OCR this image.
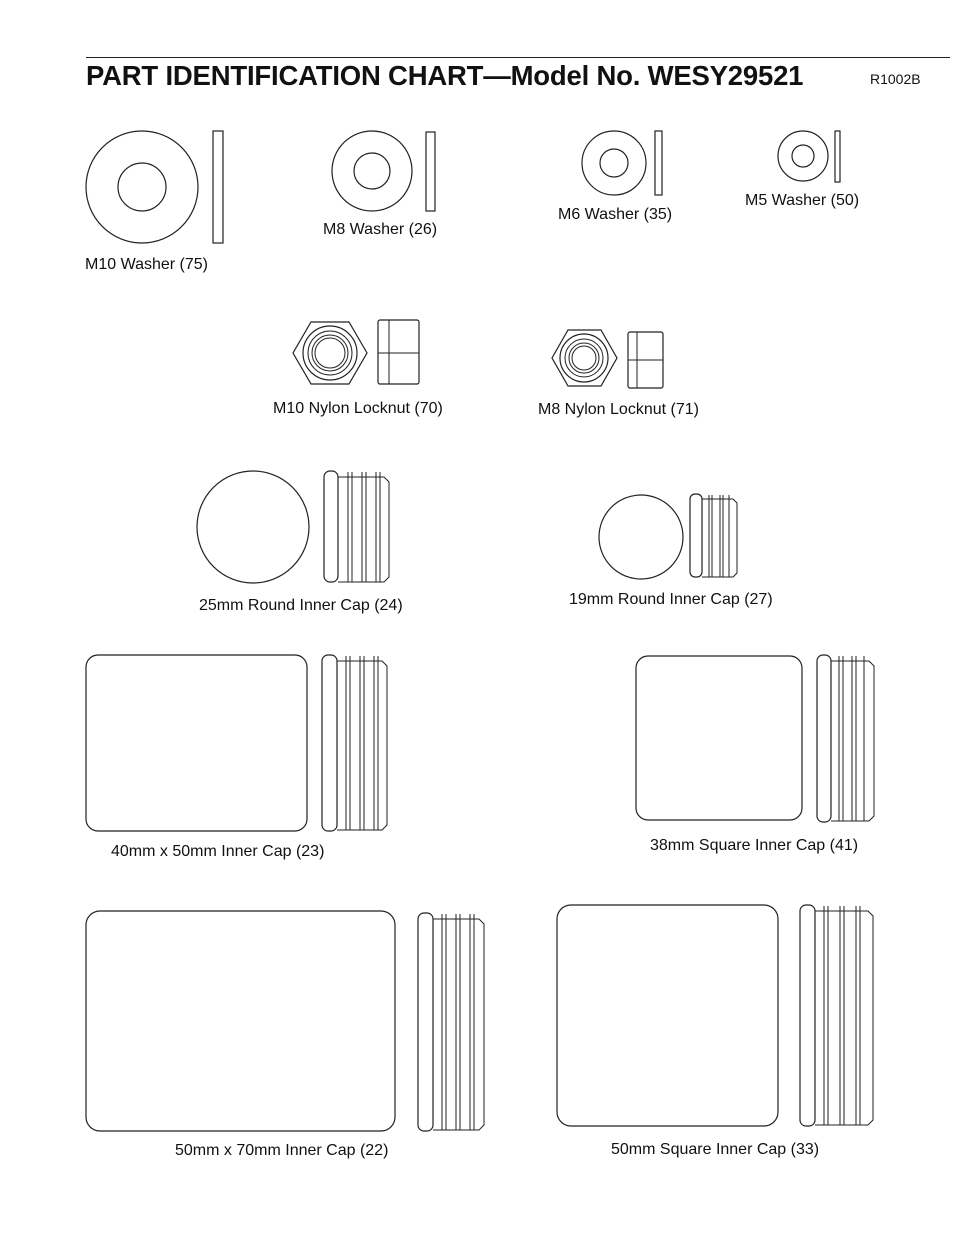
PART IDENTIFICATION CHART—Model No. WESY29521	R1002B
M10 Washer (75)
M8 Washer (26)
M6 Washer (35)
M5 Washer (50)
M10 Nylon Locknut (70)	M8 Nylon Locknut (71)
25mm Round Inner Cap (24)	19mm Round Inner Cap (27)
40mm x 50mm Inner Cap (23)	38mm Square Inner Cap (41)
50mm x 70mm Inner Cap (22)	50mm Square Inner Cap (33)
